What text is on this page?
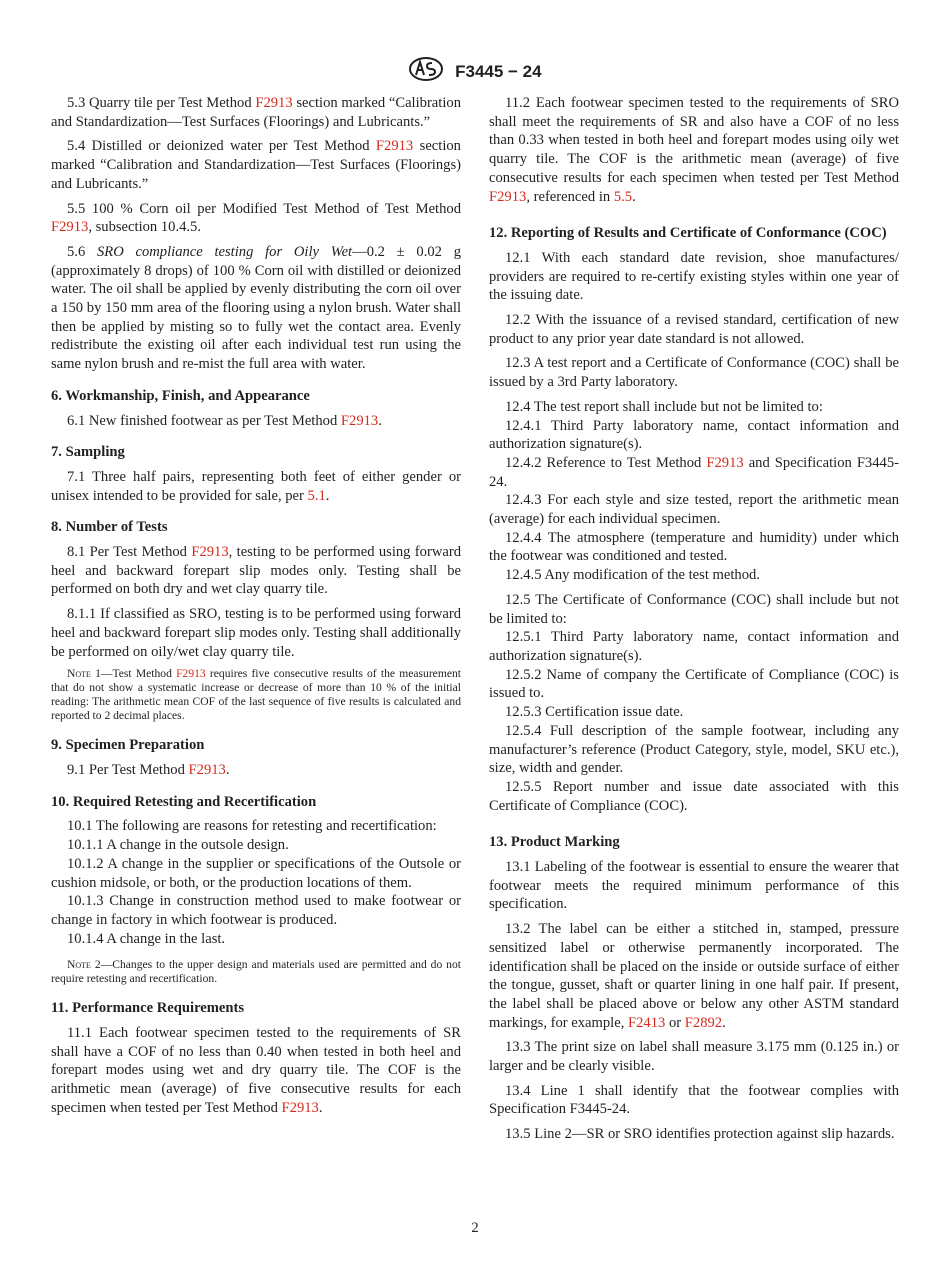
F3445 − 24

5.3 Quarry tile per Test Method F2913 section marked “Calibration and Standardization—Test Surfaces (Floorings) and Lubricants.”

5.4 Distilled or deionized water per Test Method F2913 section marked “Calibration and Standardization—Test Surfaces (Floorings) and Lubricants.”

5.5 100 % Corn oil per Modified Test Method of Test Method F2913, subsection 10.4.5.

5.6 SRO compliance testing for Oily Wet—0.2 ± 0.02 g (approximately 8 drops) of 100 % Corn oil with distilled or deionized water. The oil shall be applied by evenly distributing the corn oil over a 150 by 150 mm area of the flooring using a nylon brush. Water shall then be applied by misting so to fully wet the contact area. Evenly redistribute the existing oil after each individual test run using the same nylon brush and re-mist the full area with water.

6. Workmanship, Finish, and Appearance

6.1 New finished footwear as per Test Method F2913.

7. Sampling

7.1 Three half pairs, representing both feet of either gender or unisex intended to be provided for sale, per 5.1.

8. Number of Tests

8.1 Per Test Method F2913, testing to be performed using forward heel and backward forepart slip modes only. Testing shall be performed on both dry and wet clay quarry tile.

8.1.1 If classified as SRO, testing is to be performed using forward heel and backward forepart slip modes only. Testing shall additionally be performed on oily/wet clay quarry tile.

Note 1—Test Method F2913 requires five consecutive results of the measurement that do not show a systematic increase or decrease of more than 10 % of the initial reading: The arithmetic mean COF of the last sequence of five results is calculated and reported to 2 decimal places.

9. Specimen Preparation

9.1 Per Test Method F2913.

10. Required Retesting and Recertification

10.1 The following are reasons for retesting and recertification:

10.1.1 A change in the outsole design.

10.1.2 A change in the supplier or specifications of the Outsole or cushion midsole, or both, or the production locations of them.

10.1.3 Change in construction method used to make footwear or change in factory in which footwear is produced.

10.1.4 A change in the last.

Note 2—Changes to the upper design and materials used are permitted and do not require retesting and recertification.

11. Performance Requirements

11.1 Each footwear specimen tested to the requirements of SR shall have a COF of no less than 0.40 when tested in both heel and forepart modes using wet and dry quarry tile. The COF is the arithmetic mean (average) of five consecutive results for each specimen when tested per Test Method F2913.

11.2 Each footwear specimen tested to the requirements of SRO shall meet the requirements of SR and also have a COF of no less than 0.33 when tested in both heel and forepart modes using oily wet quarry tile. The COF is the arithmetic mean (average) of five consecutive results for each specimen when tested per Test Method F2913, referenced in 5.5.

12. Reporting of Results and Certificate of Conformance (COC)

12.1 With each standard date revision, shoe manufactures/ providers are required to re-certify existing styles within one year of the issuing date.

12.2 With the issuance of a revised standard, certification of new product to any prior year date standard is not allowed.

12.3 A test report and a Certificate of Conformance (COC) shall be issued by a 3rd Party laboratory.

12.4 The test report shall include but not be limited to:

12.4.1 Third Party laboratory name, contact information and authorization signature(s).

12.4.2 Reference to Test Method F2913 and Specification F3445-24.

12.4.3 For each style and size tested, report the arithmetic mean (average) for each individual specimen.

12.4.4 The atmosphere (temperature and humidity) under which the footwear was conditioned and tested.

12.4.5 Any modification of the test method.

12.5 The Certificate of Conformance (COC) shall include but not be limited to:

12.5.1 Third Party laboratory name, contact information and authorization signature(s).

12.5.2 Name of company the Certificate of Compliance (COC) is issued to.

12.5.3 Certification issue date.

12.5.4 Full description of the sample footwear, including any manufacturer’s reference (Product Category, style, model, SKU etc.), size, width and gender.

12.5.5 Report number and issue date associated with this Certificate of Compliance (COC).

13. Product Marking

13.1 Labeling of the footwear is essential to ensure the wearer that footwear meets the required minimum performance of this specification.

13.2 The label can be either a stitched in, stamped, pressure sensitized label or otherwise permanently incorporated. The identification shall be placed on the inside or outside surface of either the tongue, gusset, shaft or quarter lining in one half pair. If present, the label shall be placed above or below any other ASTM standard markings, for example, F2413 or F2892.

13.3 The print size on label shall measure 3.175 mm (0.125 in.) or larger and be clearly visible.

13.4 Line 1 shall identify that the footwear complies with Specification F3445-24.

13.5 Line 2—SR or SRO identifies protection against slip hazards.

2
